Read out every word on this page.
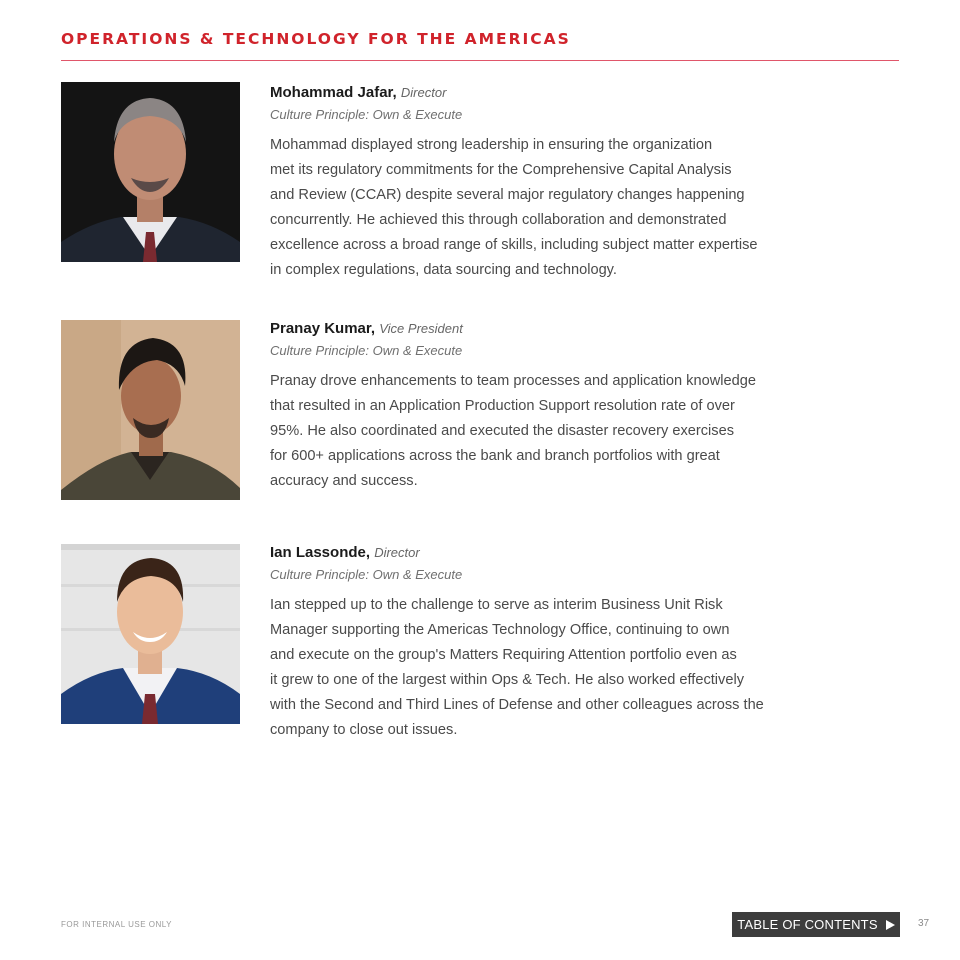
OPERATIONS & TECHNOLOGY FOR THE AMERICAS
Mohammad Jafar, Director
Culture Principle: Own & Execute
Mohammad displayed strong leadership in ensuring the organization
met its regulatory commitments for the Comprehensive Capital Analysis
and Review (CCAR) despite several major regulatory changes happening
concurrently. He achieved this through collaboration and demonstrated
excellence across a broad range of skills, including subject matter expertise
in complex regulations, data sourcing and technology.
Pranay Kumar, Vice President
Culture Principle: Own & Execute
Pranay drove enhancements to team processes and application knowledge
that resulted in an Application Production Support resolution rate of over
95%. He also coordinated and executed the disaster recovery exercises
for 600+ applications across the bank and branch portfolios with great
accuracy and success.
Ian Lassonde, Director
Culture Principle: Own & Execute
Ian stepped up to the challenge to serve as interim Business Unit Risk
Manager supporting the Americas Technology Office, continuing to own
and execute on the group's Matters Requiring Attention portfolio even as
it grew to one of the largest within Ops & Tech. He also worked effectively
with the Second and Third Lines of Defense and other colleagues across the
company to close out issues.
FOR INTERNAL USE ONLY	TABLE OF CONTENTS	37
